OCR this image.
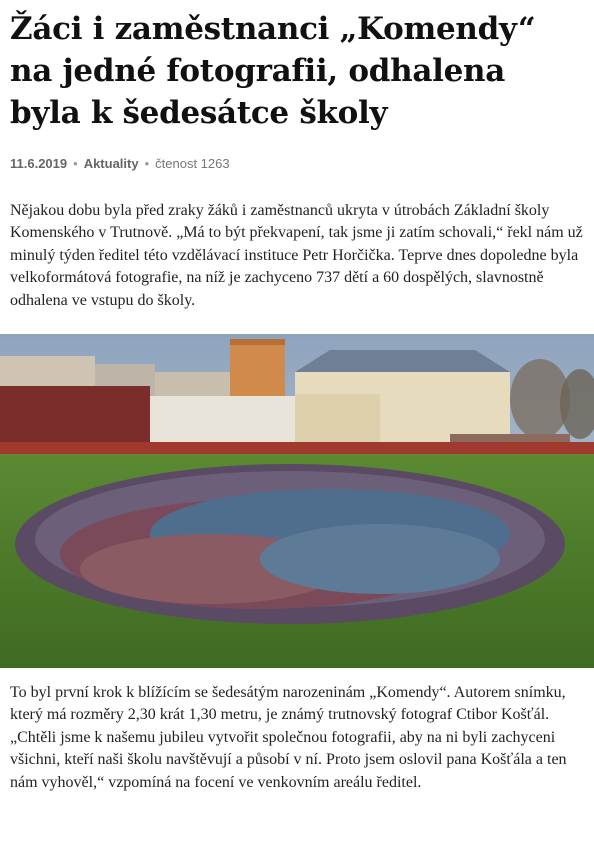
Žáci i zaměstnanci „Komendy“ na jedné fotografii, odhalena byla k šedesátce školy
11.6.2019 • Aktuality • čtenost 1263

Nějakou dobu byla před zraky žáků i zaměstnanců ukryta v útrobách Základní školy Komenského v Trutnově. „Má to být překvapení, tak jsme ji zatím schovali,“ řekl nám už minulý týden ředitel této vzdělávací instituce Petr Horčička. Teprve dnes dopoledne byla velkoformátová fotografie, na níž je zachyceno 737 dětí a 60 dospělých, slavnostně odhalena ve vstupu do školy.

To byl první krok k blížícím se šedesátým narozeninám „Komendy“. Autorem snímku, který má rozměry 2,30 krát 1,30 metru, je známý trutnovský fotograf Ctibor Košťál. „Chtěli jsme k našemu jubileu vytvořit společnou fotografii, aby na ni byli zachyceni všichni, kteří naši školu navštěvují a působí v ní. Proto jsem oslovil pana Košťála a ten nám vyhověl,“ vzpomíná na focení ve venkovním areálu ředitel.
